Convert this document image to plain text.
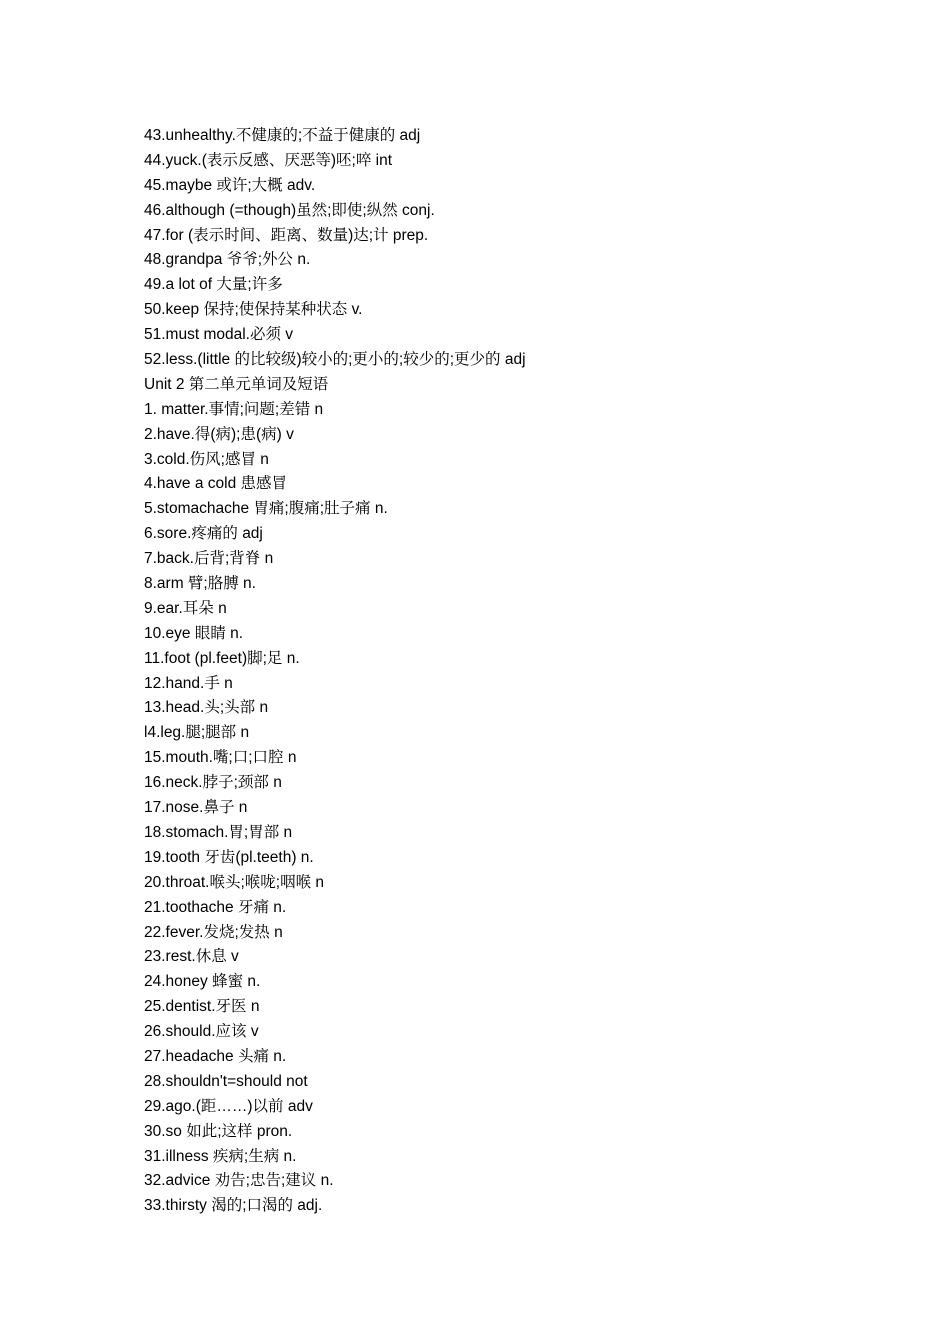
43.unhealthy.不健康的;不益于健康的 adj
44.yuck.(表示反感、厌恶等)呸;啐 int
45.maybe 或许;大概 adv.
46.although (=though)虽然;即使;纵然 conj.
47.for (表示时间、距离、数量)达;计 prep.
48.grandpa 爷爷;外公 n.
49.a lot of 大量;许多
50.keep 保持;使保持某种状态 v.
51.must modal.必须 v
52.less.(little 的比较级)较小的;更小的;较少的;更少的 adj
Unit 2 第二单元单词及短语
1. matter.事情;问题;差错 n
2.have.得(病);患(病) v
3.cold.伤风;感冒 n
4.have a cold 患感冒
5.stomachache 胃痛;腹痛;肚子痛 n.
6.sore.疼痛的 adj
7.back.后背;背脊 n
8.arm 臂;胳膊 n.
9.ear.耳朵 n
10.eye 眼睛 n.
11.foot (pl.feet)脚;足 n.
12.hand.手 n
13.head.头;头部 n
l4.leg.腿;腿部 n
15.mouth.嘴;口;口腔 n
16.neck.脖子;颈部 n
17.nose.鼻子 n
18.stomach.胃;胃部 n
19.tooth 牙齿(pl.teeth) n.
20.throat.喉头;喉咙;咽喉 n
21.toothache 牙痛 n.
22.fever.发烧;发热 n
23.rest.休息 v
24.honey 蜂蜜 n.
25.dentist.牙医 n
26.should.应该 v
27.headache 头痛 n.
28.shouldn't=should not
29.ago.(距……)以前 adv
30.so 如此;这样 pron.
31.illness 疾病;生病 n.
32.advice 劝告;忠告;建议 n.
33.thirsty 渴的;口渴的 adj.
